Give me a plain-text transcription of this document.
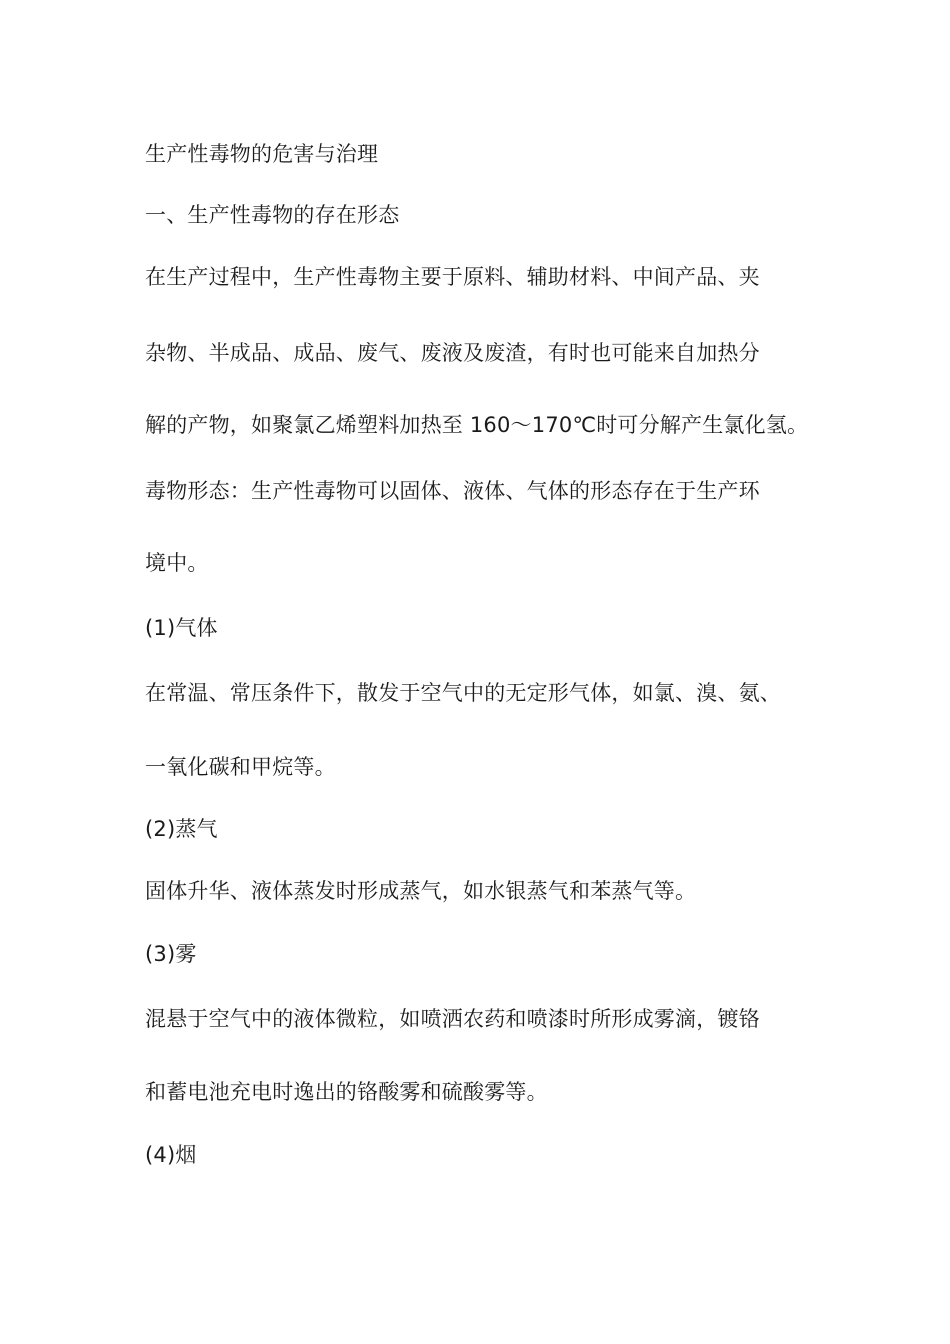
生产性毒物的危害与治理
一、生产性毒物的存在形态
在生产过程中，生产性毒物主要于原料、辅助材料、中间产品、夹
杂物、半成品、成品、废气、废液及废渣，有时也可能来自加热分
解的产物，如聚氯乙烯塑料加热至 160～170℃时可分解产生氯化氢。
毒物形态：生产性毒物可以固体、液体、气体的形态存在于生产环
境中。
(1)气体
在常温、常压条件下，散发于空气中的无定形气体，如氯、溴、氨、
一氧化碳和甲烷等。
(2)蒸气
固体升华、液体蒸发时形成蒸气，如水银蒸气和苯蒸气等。
(3)雾
混悬于空气中的液体微粒，如喷洒农药和喷漆时所形成雾滴，镀铬
和蓄电池充电时逸出的铬酸雾和硫酸雾等。
(4)烟
